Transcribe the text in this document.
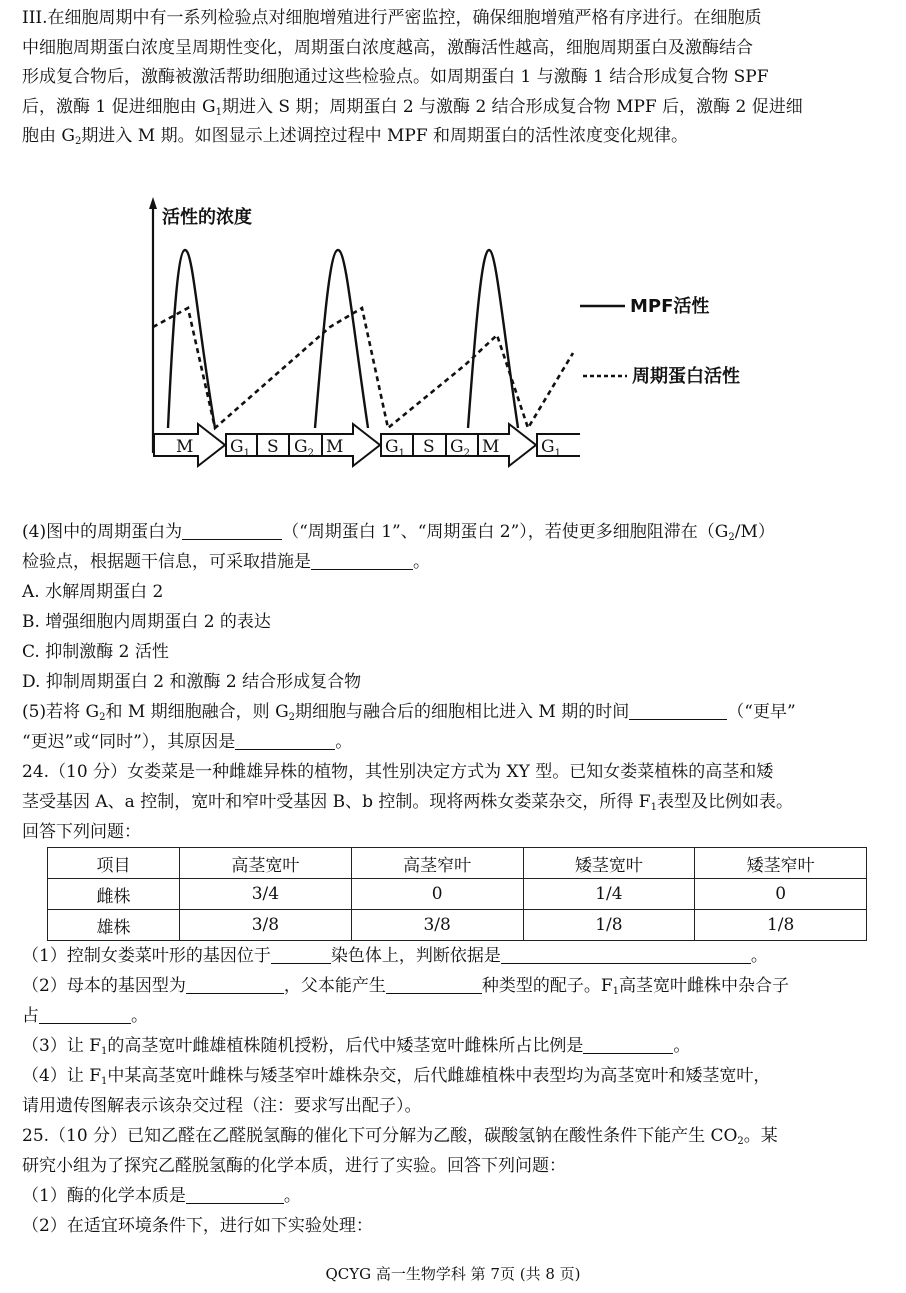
III.在细胞周期中有一系列检验点对细胞增殖进行严密监控，确保细胞增殖严格有序进行。在细胞质

中细胞周期蛋白浓度呈周期性变化，周期蛋白浓度越高，激酶活性越高，细胞周期蛋白及激酶结合

形成复合物后，激酶被激活帮助细胞通过这些检验点。如周期蛋白 1 与激酶 1 结合形成复合物 SPF

后，激酶 1 促进细胞由 $G_1$期进入 S 期；周期蛋白 2 与激酶 2 结合形成复合物 MPF 后，激酶 2 促进细

胞由 $G_2$期进入 M 期。如图显示上述调控过程中 MPF 和周期蛋白的活性浓度变化规律。

活性的浓度
MPF活性
周期蛋白活性
M $G_1$ S $G_2$ M $G_1$ S $G_2$ M $G_1$
(4)图中的周期蛋白为	（“周期蛋白 1”、“周期蛋白 2”），若使更多细胞阻滞在$(G_2/M)$
检验点，根据题干信息，可采取措施是	。
A. 水解周期蛋白 2
B. 增强细胞内周期蛋白 2 的表达
C. 抑制激酶 2 活性
D. 抑制周期蛋白 2 和激酶 2 结合形成复合物
(5)若将 $G_2$和 M 期细胞融合，则 $G_2$期细胞与融合后的细胞相比进入 M 期的时间	（“更早”
“更迟”或“同时”），其原因是	。
24.（10 分）女娄菜是一种雌雄异株的植物，其性别决定方式为 XY 型。已知女娄菜植株的高茎和矮
茎受基因 A、a 控制，宽叶和窄叶受基因 B、b 控制。现将两株女娄菜杂交，所得 $F_1$表型及比例如表。
回答下列问题：
项目	高茎宽叶	高茎窄叶	矮茎宽叶	矮茎窄叶
雌株	3/4	0	1/4	0
雄株	3/8	3/8	1/8	1/8
（1）控制女娄菜叶形的基因位于	染色体上，判断依据是	。
（2）母本的基因型为	，父本能产生	种类型的配子。$F_1$高茎宽叶雌株中杂合子
占	。
（3）让 $F_1$的高茎宽叶雌雄植株随机授粉，后代中矮茎宽叶雌株所占比例是	。
（4）让 $F_1$中某高茎宽叶雌株与矮茎窄叶雄株杂交，后代雌雄植株中表型均为高茎宽叶和矮茎宽叶，
请用遗传图解表示该杂交过程（注：要求写出配子）。
25.（10 分）已知乙醛在乙醛脱氢酶的催化下可分解为乙酸，碳酸氢钠在酸性条件下能产生 $CO_2$。某
研究小组为了探究乙醛脱氢酶的化学本质，进行了实验。回答下列问题：
（1）酶的化学本质是	。
（2）在适宜环境条件下，进行如下实验处理：
QCYG 高一生物学科 第 7页 (共 8 页)
